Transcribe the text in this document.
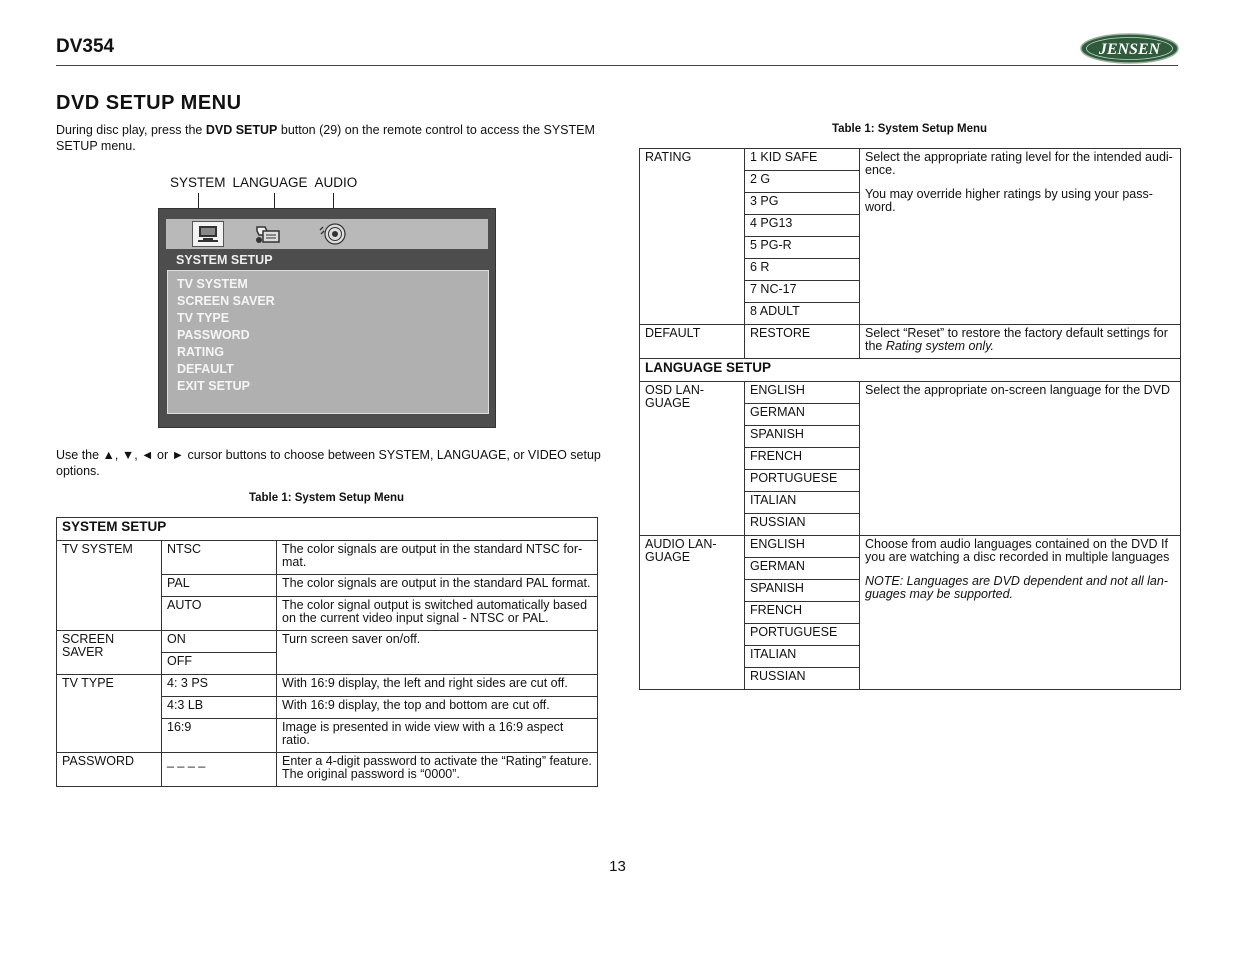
DV354	JENSEN
DVD SETUP MENU
During disc play, press the DVD SETUP button (29) on the remote control to access the SYSTEM SETUP menu.
SYSTEM LANGUAGE AUDIO
SYSTEM SETUP
TV SYSTEM
SCREEN SAVER
TV TYPE
PASSWORD
RATING
DEFAULT
EXIT SETUP
Use the ▲, ▼, ◄ or ► cursor buttons to choose between SYSTEM, LANGUAGE, or VIDEO setup options.
Table 1: System Setup Menu
SYSTEM SETUP		
TV SYSTEM	NTSC	The color signals are output in the standard NTSC for-mat.
	PAL	The color signals are output in the standard PAL format.
	AUTO	The color signal output is switched automatically based on the current video input signal - NTSC or PAL.
SCREEN SAVER	ON	Turn screen saver on/off.
	OFF	
TV TYPE	4: 3 PS	With 16:9 display, the left and right sides are cut off.
	4:3 LB	With 16:9 display, the top and bottom are cut off.
	16:9	Image is presented in wide view with a 16:9 aspect ratio.
PASSWORD	_ _ _ _	Enter a 4-digit password to activate the “Rating” feature. The original password is “0000”.
Table 1: System Setup Menu
RATING	1 KID SAFE	Select the appropriate rating level for the intended audi-ence.
You may override higher ratings by using your pass-word.

	2 G	
	3 PG	
	4 PG13	
	5 PG-R	
	6 R	
	7 NC-17	
	8 ADULT	
DEFAULT	RESTORE	Select “Reset” to restore the factory default settings for the Rating system only.
LANGUAGE SETUP		
OSD LAN-GUAGE	ENGLISH	Select the appropriate on-screen language for the DVD
	GERMAN	
	SPANISH	
	FRENCH	
	PORTUGUESE	
	ITALIAN	
	RUSSIAN	
AUDIO LAN-GUAGE	ENGLISH	Choose from audio languages contained on the DVD If you are watching a disc recorded in multiple languages
NOTE: Languages are DVD dependent and not all lan-guages may be supported.

	GERMAN	
	SPANISH	
	FRENCH	
	PORTUGUESE	
	ITALIAN	
	RUSSIAN	
13
